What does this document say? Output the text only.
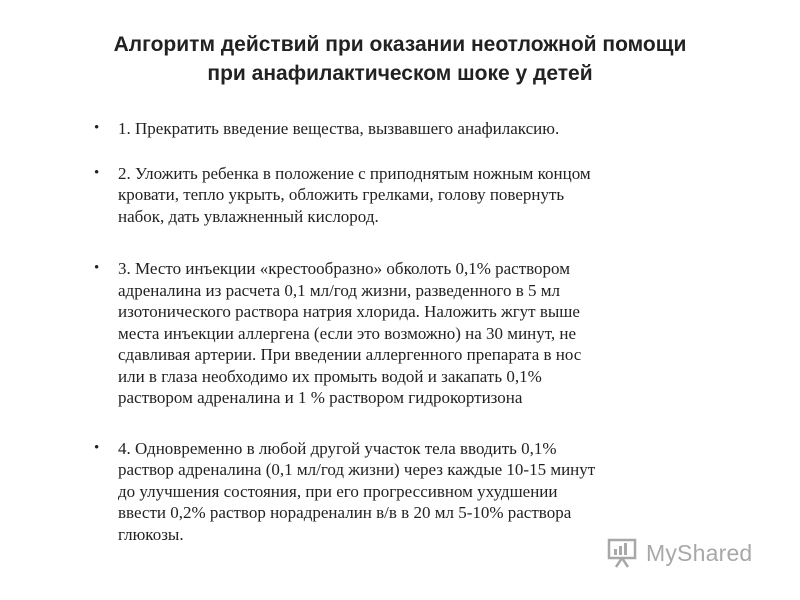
Алгоритм действий при оказании неотложной помощи
при анафилактическом шоке у детей
• 1. Прекратить введение вещества, вызвавшего анафилаксию.
• 2. Уложить ребенка в положение с приподнятым ножным концом
кровати, тепло укрыть, обложить грелками, голову повернуть
набок, дать увлажненный кислород.
• 3. Место инъекции «крестообразно» обколоть 0,1% раствором
адреналина из расчета 0,1 мл/год жизни, разведенного в 5 мл
изотонического раствора натрия хлорида. Наложить жгут выше
места инъекции аллергена (если это возможно) на 30 минут, не
сдавливая артерии. При введении аллергенного препарата в нос
или в глаза необходимо их промыть водой и закапать 0,1%
раствором адреналина и 1 % раствором гидрокортизона
• 4. Одновременно в любой другой участок тела вводить 0,1%
раствор адреналина (0,1 мл/год жизни) через каждые 10-15 минут
до улучшения состояния, при его прогрессивном ухудшении
ввести 0,2% раствор норадреналин в/в в 20 мл 5-10% раствора
глюкозы.
MyShared
